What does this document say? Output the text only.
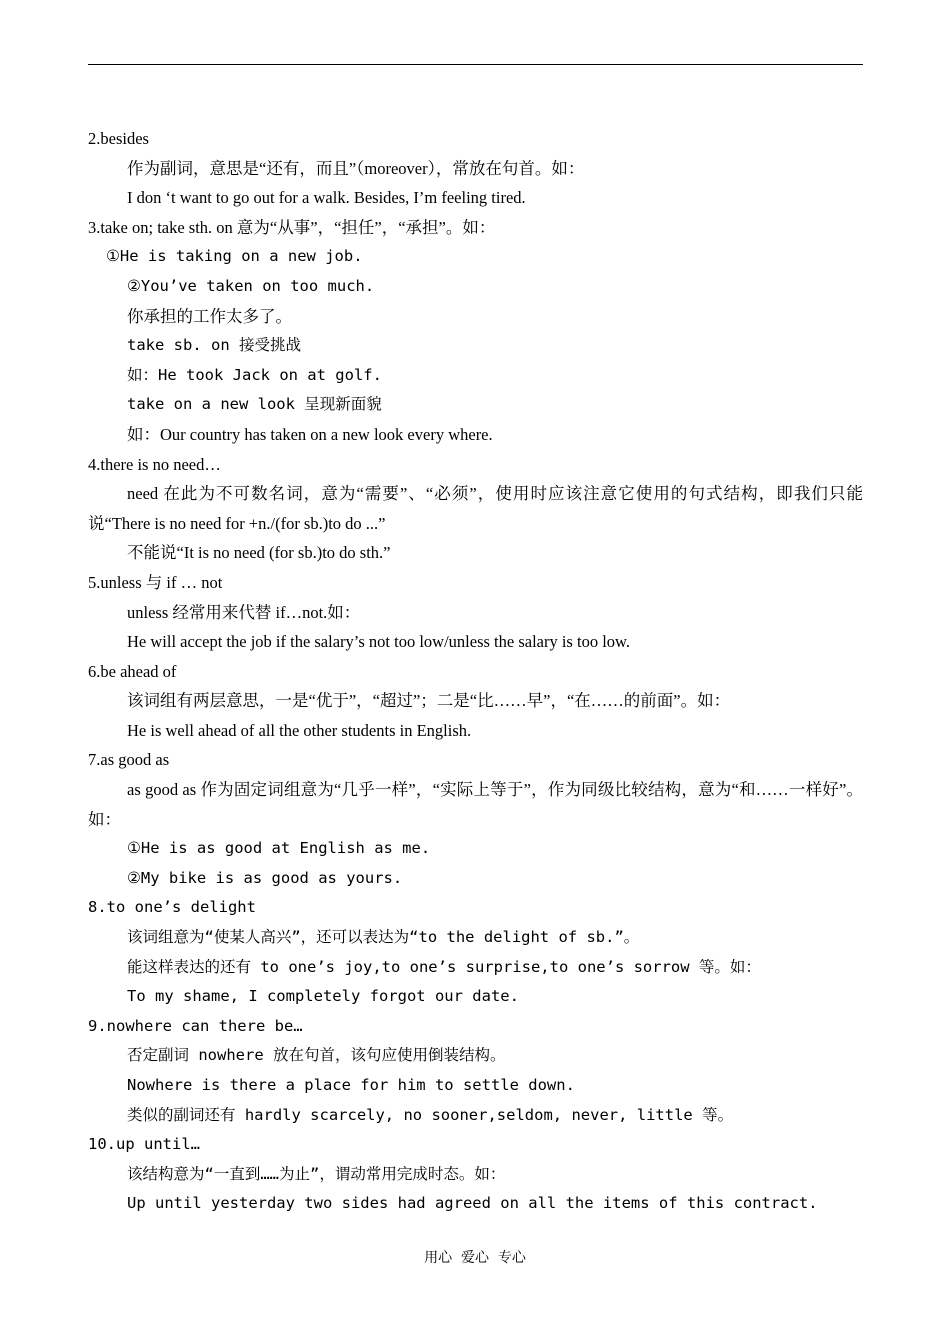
2.besides
作为副词，意思是“还有，而且”（moreover），常放在句首。如：
I don ‘t want to go out for a walk. Besides, I’m feeling tired.
3.take on; take sth. on 意为“从事”，“担任”，“承担”。如：
①He is taking on a new job.
②You’ve taken on too much.
你承担的工作太多了。
take sb. on 接受挑战
如：He took Jack on at golf.
take on a new look 呈现新面貌
如：Our country has taken on a new look every where.
4.there is no need…
need 在此为不可数名词，意为“需要”、“必须”，使用时应该注意它使用的句式结构，即我们只能说“There is no need for +n./(for sb.)to do ...”
不能说“It is no need (for sb.)to do sth.”
5.unless 与 if … not
unless 经常用来代替 if…not.如：
He will accept the job if the salary’s not too low/unless the salary is too low.
6.be ahead of
该词组有两层意思，一是“优于”，“超过”；二是“比……早”，“在……的前面”。如：
He is well ahead of all the other students in English.
7.as good as
as good as 作为固定词组意为“几乎一样”，“实际上等于”，作为同级比较结构，意为“和……一样好”。如：
①He is as good at English as me.
②My bike is as good as yours.
8.to one’s delight
该词组意为“使某人高兴”，还可以表达为“to the delight of sb.”。
能这样表达的还有 to one’s joy,to one’s surprise,to one’s sorrow 等。如：
To my shame, I completely forgot our date.
9.nowhere can there be…
否定副词 nowhere 放在句首，该句应使用倒装结构。
Nowhere is there a place for him to settle down.
类似的副词还有 hardly scarcely, no sooner,seldom, never, little 等。
10.up until…
该结构意为“一直到……为止”，谓动常用完成时态。如：
Up until yesterday two sides had agreed on all the items of this contract.
用心  爱心  专心
